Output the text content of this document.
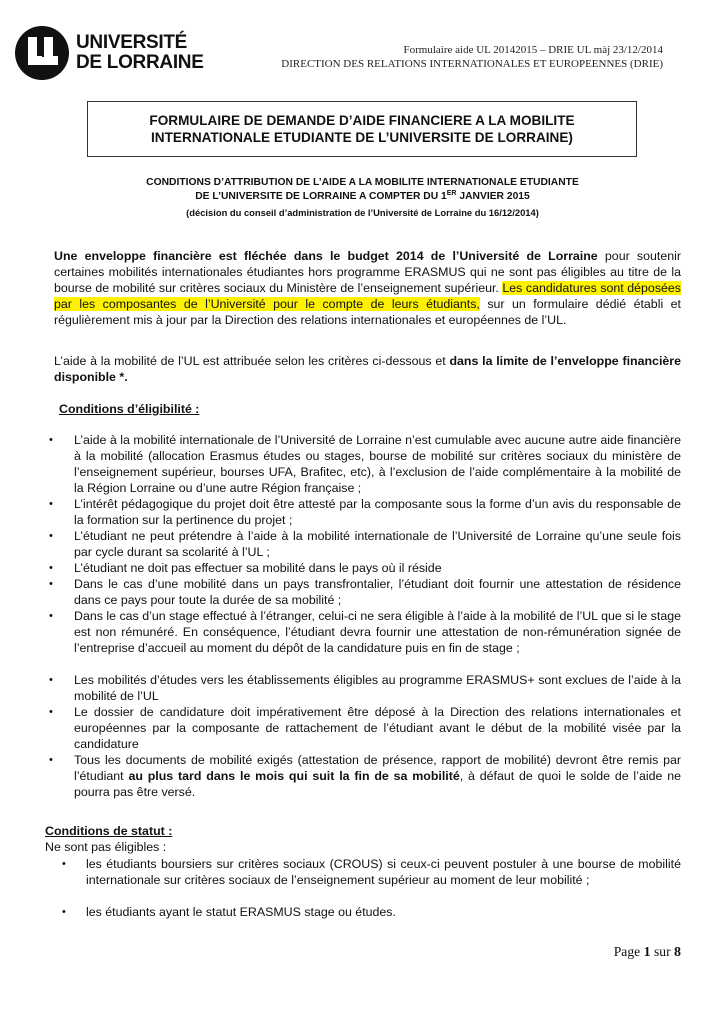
UNIVERSITÉ
DE LORRAINE
Formulaire aide UL 20142015 – DRIE UL màj 23/12/2014
DIRECTION DES RELATIONS INTERNATIONALES ET EUROPEENNES (DRIE)
FORMULAIRE DE DEMANDE D’AIDE FINANCIERE A LA MOBILITE
INTERNATIONALE ETUDIANTE DE L’UNIVERSITE DE LORRAINE)
CONDITIONS D’ATTRIBUTION DE L’AIDE A LA MOBILITE INTERNATIONALE ETUDIANTE
DE L’UNIVERSITE DE LORRAINE A COMPTER DU 1ER JANVIER 2015
(décision du conseil d’administration de l’Université de Lorraine du 16/12/2014)
Une enveloppe financière est fléchée dans le budget 2014 de l’Université de Lorraine pour soutenir certaines mobilités internationales étudiantes hors programme ERASMUS qui ne sont pas éligibles au titre de la bourse de mobilité sur critères sociaux du Ministère de l’enseignement supérieur. Les candidatures sont déposées par les composantes de l’Université pour le compte de leurs étudiants, sur un formulaire dédié établi et régulièrement mis à jour par la Direction des relations internationales et européennes de l’UL.
L’aide à la mobilité de l’UL est attribuée selon les critères ci-dessous et dans la limite de l’enveloppe financière disponible *.
Conditions d’éligibilité :
• L’aide à la mobilité internationale de l’Université de Lorraine n’est cumulable avec aucune autre aide financière à la mobilité (allocation Erasmus études ou stages, bourse de mobilité sur critères sociaux du ministère de l’enseignement supérieur, bourses UFA, Brafitec, etc), à l’exclusion de l’aide complémentaire à la mobilité de la Région Lorraine ou d’une autre Région française ;
• L’intérêt pédagogique du projet doit être attesté par la composante sous la forme d’un avis du responsable de la formation sur la pertinence du projet ;
• L’étudiant ne peut prétendre à l’aide à la mobilité internationale de l’Université de Lorraine qu’une seule fois par cycle durant sa scolarité à l’UL ;
• L’étudiant ne doit pas effectuer sa mobilité dans le pays où il réside
• Dans le cas d’une mobilité dans un pays transfrontalier, l’étudiant doit fournir une attestation de résidence dans ce pays pour toute la durée de sa mobilité ;
• Dans le cas d’un stage effectué à l’étranger, celui-ci ne sera éligible à l’aide à la mobilité de l’UL que si le stage est non rémunéré. En conséquence, l’étudiant devra fournir une attestation de non-rémunération signée de l’entreprise d’accueil au moment du dépôt de la candidature puis en fin de stage ;
• Les mobilités d’études vers les établissements éligibles au programme ERASMUS+ sont exclues de l’aide à la mobilité de l’UL
• Le dossier de candidature doit impérativement être déposé à la Direction des relations internationales et européennes par la composante de rattachement de l’étudiant avant le début de la mobilité visée par la candidature
• Tous les documents de mobilité exigés (attestation de présence, rapport de mobilité) devront être remis par l’étudiant au plus tard dans le mois qui suit la fin de sa mobilité, à défaut de quoi le solde de l’aide ne pourra pas être versé.
Conditions de statut :
Ne sont pas éligibles :
• les étudiants boursiers sur critères sociaux (CROUS) si ceux-ci peuvent postuler à une bourse de mobilité internationale sur critères sociaux de l’enseignement supérieur au moment de leur mobilité ;
• les étudiants ayant le statut ERASMUS stage ou études.
Page 1 sur 8
